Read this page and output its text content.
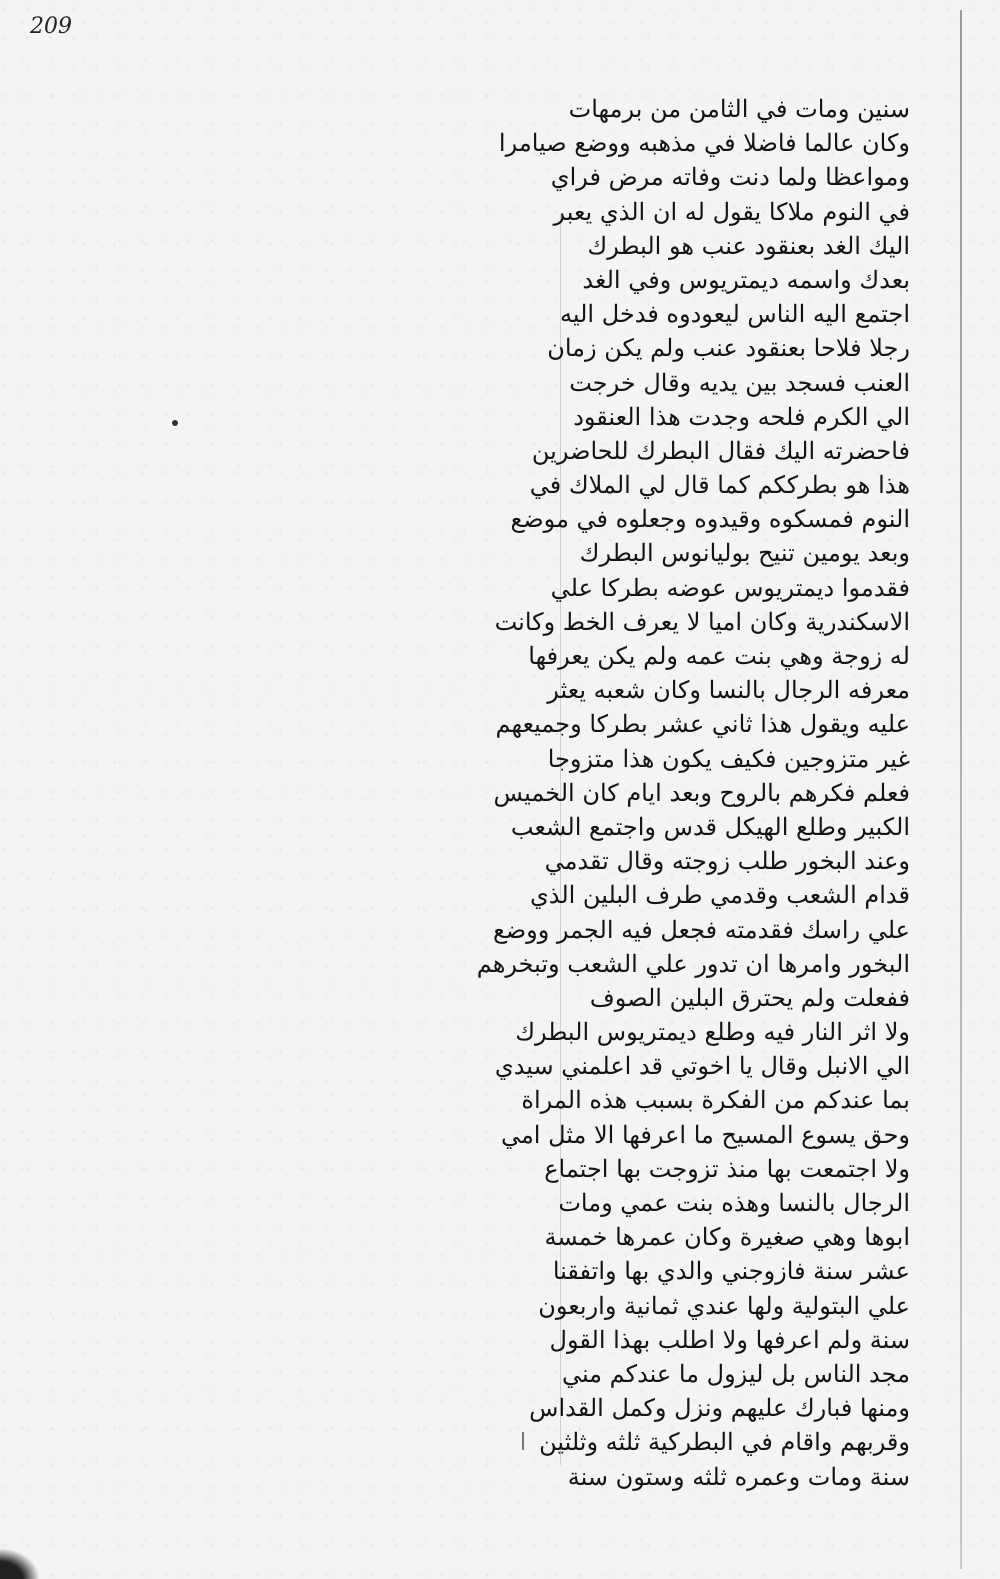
209
سنين ومات في الثامن من برمهات
وكان عالما فاضلا في مذهبه ووضع صيامرا
ومواعظا ولما دنت وفاته مرض فراي
في النوم ملاكا يقول له ان الذي يعبر
اليك الغد بعنقود عنب هو البطرك
بعدك واسمه ديمتريوس وفي الغد
اجتمع اليه الناس ليعودوه فدخل اليه
رجلا فلاحا بعنقود عنب ولم يكن زمان
العنب فسجد بين يديه وقال خرجت
الي الكرم فلحه وجدت هذا العنقود
فاحضرته اليك فقال البطرك للحاضرين
هذا هو بطرككم كما قال لي الملاك في
النوم فمسكوه وقيدوه وجعلوه في موضع
وبعد يومين تنيح بوليانوس البطرك
فقدموا ديمتريوس عوضه بطركا علي
الاسكندرية وكان اميا لا يعرف الخط وكانت
له زوجة وهي بنت عمه ولم يكن يعرفها
معرفه الرجال بالنسا وكان شعبه يعثر
عليه ويقول هذا ثاني عشر بطركا وجميعهم
غير متزوجين فكيف يكون هذا متزوجا
فعلم فكرهم بالروح وبعد ايام كان الخميس
الكبير وطلع الهيكل قدس واجتمع الشعب
وعند البخور طلب زوجته وقال تقدمي
قدام الشعب وقدمي طرف البلين الذي
علي راسك فقدمته فجعل فيه الجمر ووضع
البخور وامرها ان تدور علي الشعب وتبخرهم
ففعلت ولم يحترق البلين الصوف
ولا اثر النار فيه وطلع ديمتريوس البطرك
الي الانبل وقال يا اخوتي قد اعلمني سيدي
بما عندكم من الفكرة بسبب هذه المراة
وحق يسوع المسيح ما اعرفها الا مثل امي
ولا اجتمعت بها منذ تزوجت بها اجتماع
الرجال بالنسا وهذه بنت عمي ومات
ابوها وهي صغيرة وكان عمرها خمسة
عشر سنة فازوجني والدي بها واتفقنا
علي البتولية ولها عندي ثمانية واربعون
سنة ولم اعرفها ولا اطلب بهذا القول
مجد الناس بل ليزول ما عندكم مني
ومنها فبارك عليهم ونزل وكمل القداس
وقربهم واقام في البطركية ثلثه وثلثين
سنة ومات وعمره ثلثه وستون سنة
